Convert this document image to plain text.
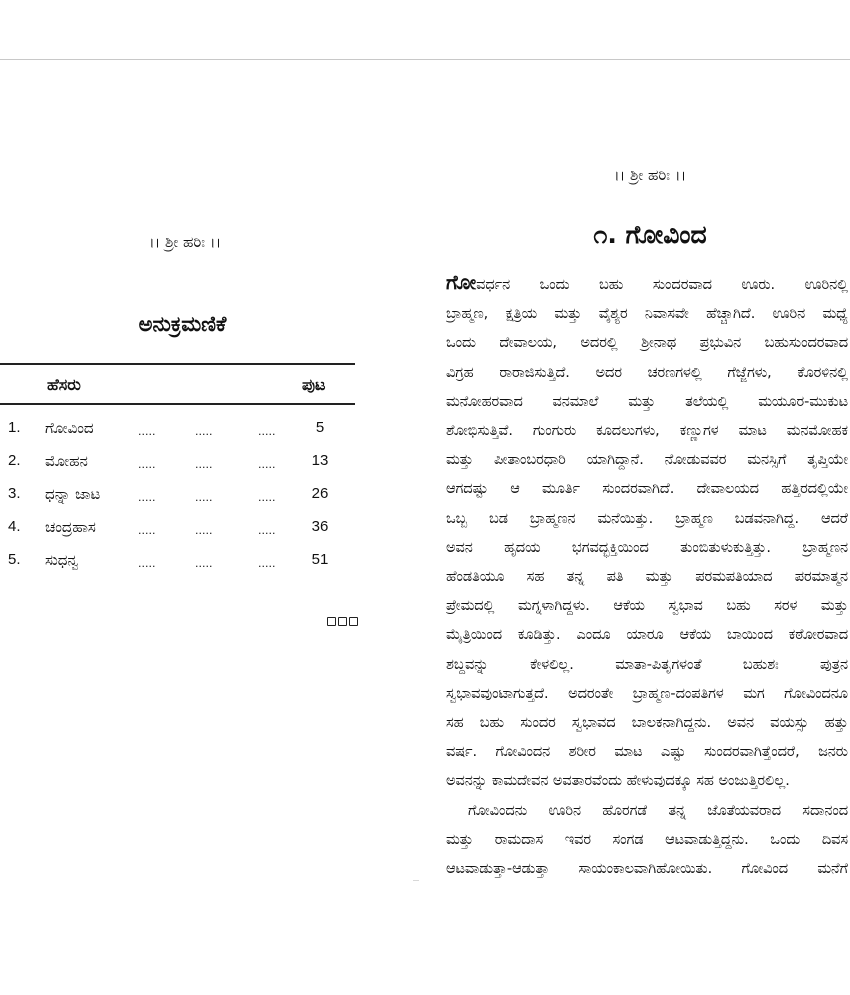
।। ಶ್ರೀ ಹರಿಃ ।।
ಅನುಕ್ರಮಣಿಕೆ
ಹೆಸರು	ಪುಟ
1. ಗೋವಿಂದ	.....	.....	.....	5
2. ಮೋಹನ	.....	.....	.....	13
3. ಧನ್ನಾ ಜಾಟ	.....	.....	.....	26
4. ಚಂದ್ರಹಾಸ	.....	.....	.....	36
5. ಸುಧನ್ವ	.....	.....	.....	51
।। ಶ್ರೀ ಹರಿಃ ।।
೧. ಗೋವಿಂದ
ಗೋವರ್ಧನ ಒಂದು ಬಹು ಸುಂದರವಾದ ಊರು. ಊರಿನಲ್ಲಿ
ಬ್ರಾಹ್ಮಣ, ಕ್ಷತ್ರಿಯ ಮತ್ತು ವೈಶ್ಯರ ನಿವಾಸವೇ ಹೆಚ್ಚಾಗಿದೆ. ಊರಿನ ಮಧ್ಯೆ
ಒಂದು ದೇವಾಲಯ, ಅದರಲ್ಲಿ ಶ್ರೀನಾಥ ಪ್ರಭುವಿನ ಬಹುಸುಂದರವಾದ
ವಿಗ್ರಹ ರಾರಾಜಿಸುತ್ತಿದೆ. ಅದರ ಚರಣಗಳಲ್ಲಿ ಗೆಜ್ಜೆಗಳು, ಕೊರಳಿನಲ್ಲಿ
ಮನೋಹರವಾದ ವನಮಾಲೆ ಮತ್ತು ತಲೆಯಲ್ಲಿ ಮಯೂರ-ಮುಕುಟ
ಶೋಭಿಸುತ್ತಿವೆ. ಗುಂಗುರು ಕೂದಲುಗಳು, ಕಣ್ಣುಗಳ ಮಾಟ ಮನಮೋಹಕ
ಮತ್ತು ಪೀತಾಂಬರಧಾರಿ ಯಾಗಿದ್ದಾನೆ. ನೋಡುವವರ ಮನಸ್ಸಿಗೆ ತೃಪ್ತಿಯೇ
ಆಗದಷ್ಟು ಆ ಮೂರ್ತಿ ಸುಂದರವಾಗಿದೆ. ದೇವಾಲಯದ ಹತ್ತಿರದಲ್ಲಿಯೇ
ಒಬ್ಬ ಬಡ ಬ್ರಾಹ್ಮಣನ ಮನೆಯಿತ್ತು. ಬ್ರಾಹ್ಮಣ ಬಡವನಾಗಿದ್ದ. ಆದರೆ
ಅವನ ಹೃದಯ ಭಗವದ್ಭಕ್ತಿಯಿಂದ ತುಂಬಿತುಳುಕುತ್ತಿತ್ತು. ಬ್ರಾಹ್ಮಣನ
ಹೆಂಡತಿಯೂ ಸಹ ತನ್ನ ಪತಿ ಮತ್ತು ಪರಮಪತಿಯಾದ ಪರಮಾತ್ಮನ
ಪ್ರೇಮದಲ್ಲಿ ಮಗ್ನಳಾಗಿದ್ದಳು. ಆಕೆಯ ಸ್ವಭಾವ ಬಹು ಸರಳ ಮತ್ತು
ಮೈತ್ರಿಯಿಂದ ಕೂಡಿತ್ತು. ಎಂದೂ ಯಾರೂ ಆಕೆಯ ಬಾಯಿಂದ ಕಠೋರವಾದ
ಶಬ್ದವನ್ನು ಕೇಳಲಿಲ್ಲ. ಮಾತಾ-ಪಿತೃಗಳಂತೆ ಬಹುಶಃ ಪುತ್ರನ
ಸ್ವಭಾವವುಂಟಾಗುತ್ತದೆ. ಅದರಂತೇ ಬ್ರಾಹ್ಮಣ-ದಂಪತಿಗಳ ಮಗ ಗೋವಿಂದನೂ
ಸಹ ಬಹು ಸುಂದರ ಸ್ವಭಾವದ ಬಾಲಕನಾಗಿದ್ದನು. ಅವನ ವಯಸ್ಸು ಹತ್ತು
ವರ್ಷ. ಗೋವಿಂದನ ಶರೀರ ಮಾಟ ಎಷ್ಟು ಸುಂದರವಾಗಿತ್ತೆಂದರೆ, ಜನರು
ಅವನನ್ನು ಕಾಮದೇವನ ಅವತಾರವೆಂದು ಹೇಳುವುದಕ್ಕೂ ಸಹ ಅಂಜುತ್ತಿರಲಿಲ್ಲ.
ಗೋವಿಂದನು ಊರಿನ ಹೊರಗಡೆ ತನ್ನ ಜೊತೆಯವರಾದ ಸದಾನಂದ
ಮತ್ತು ರಾಮದಾಸ ಇವರ ಸಂಗಡ ಆಟವಾಡುತ್ತಿದ್ದನು. ಒಂದು ದಿವಸ
ಆಟವಾಡುತ್ತಾ-ಆಡುತ್ತಾ ಸಾಯಂಕಾಲವಾಗಿಹೋಯಿತು. ಗೋವಿಂದ ಮನೆಗೆ
